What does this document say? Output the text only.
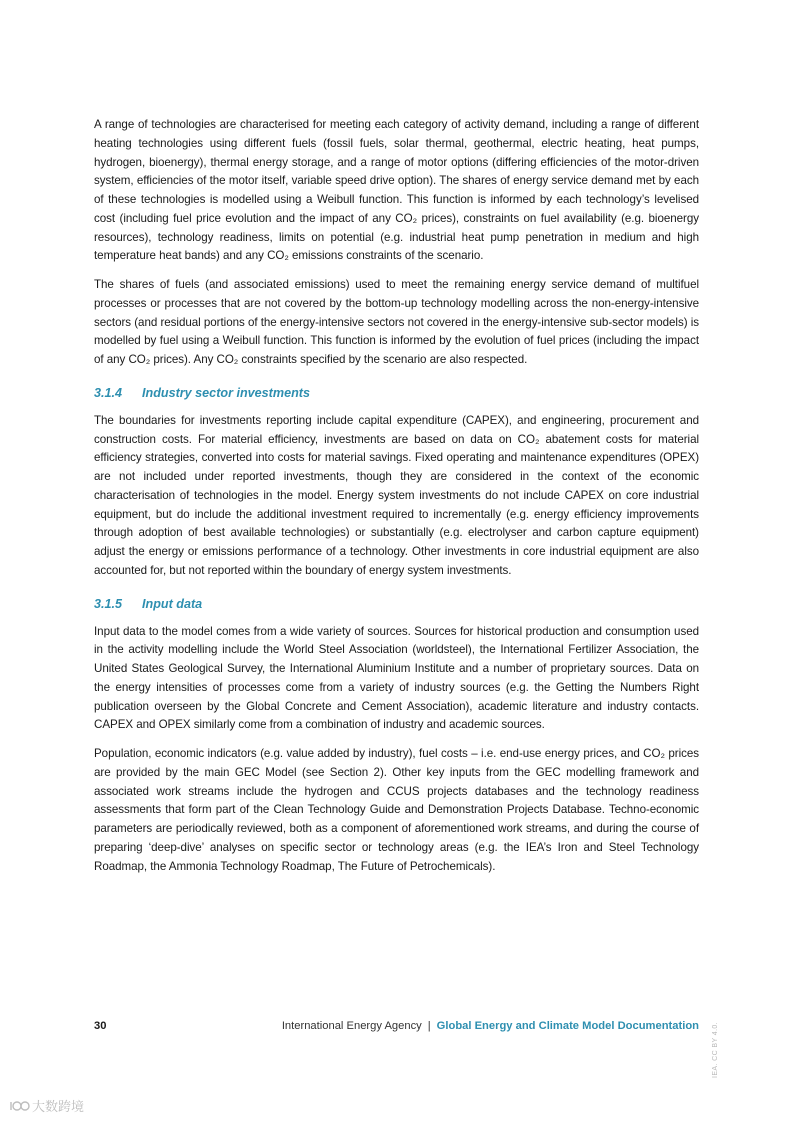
A range of technologies are characterised for meeting each category of activity demand, including a range of different heating technologies using different fuels (fossil fuels, solar thermal, geothermal, electric heating, heat pumps, hydrogen, bioenergy), thermal energy storage, and a range of motor options (differing efficiencies of the motor-driven system, efficiencies of the motor itself, variable speed drive option). The shares of energy service demand met by each of these technologies is modelled using a Weibull function. This function is informed by each technology’s levelised cost (including fuel price evolution and the impact of any CO₂ prices), constraints on fuel availability (e.g. bioenergy resources), technology readiness, limits on potential (e.g. industrial heat pump penetration in medium and high temperature heat bands) and any CO₂ emissions constraints of the scenario.

The shares of fuels (and associated emissions) used to meet the remaining energy service demand of multifuel processes or processes that are not covered by the bottom-up technology modelling across the non-energy-intensive sectors (and residual portions of the energy-intensive sectors not covered in the energy-intensive sub-sector models) is modelled by fuel using a Weibull function. This function is informed by the evolution of fuel prices (including the impact of any CO₂ prices). Any CO₂ constraints specified by the scenario are also respected.

3.1.4 Industry sector investments

The boundaries for investments reporting include capital expenditure (CAPEX), and engineering, procurement and construction costs. For material efficiency, investments are based on data on CO₂ abatement costs for material efficiency strategies, converted into costs for material savings. Fixed operating and maintenance expenditures (OPEX) are not included under reported investments, though they are considered in the context of the economic characterisation of technologies in the model. Energy system investments do not include CAPEX on core industrial equipment, but do include the additional investment required to incrementally (e.g. energy efficiency improvements through adoption of best available technologies) or substantially (e.g. electrolyser and carbon capture equipment) adjust the energy or emissions performance of a technology. Other investments in core industrial equipment are also accounted for, but not reported within the boundary of energy system investments.

3.1.5 Input data

Input data to the model comes from a wide variety of sources. Sources for historical production and consumption used in the activity modelling include the World Steel Association (worldsteel), the International Fertilizer Association, the United States Geological Survey, the International Aluminium Institute and a number of proprietary sources. Data on the energy intensities of processes come from a variety of industry sources (e.g. the Getting the Numbers Right publication overseen by the Global Concrete and Cement Association), academic literature and industry contacts. CAPEX and OPEX similarly come from a combination of industry and academic sources.

Population, economic indicators (e.g. value added by industry), fuel costs – i.e. end-use energy prices, and CO₂ prices are provided by the main GEC Model (see Section 2). Other key inputs from the GEC modelling framework and associated work streams include the hydrogen and CCUS projects databases and the technology readiness assessments that form part of the Clean Technology Guide and Demonstration Projects Database. Techno-economic parameters are periodically reviewed, both as a component of aforementioned work streams, and during the course of preparing ‘deep-dive’ analyses on specific sector or technology areas (e.g. the IEA’s Iron and Steel Technology Roadmap, the Ammonia Technology Roadmap, The Future of Petrochemicals).

30	International Energy Agency | Global Energy and Climate Model Documentation IEA. CC BY 4.0.
大数跨境
